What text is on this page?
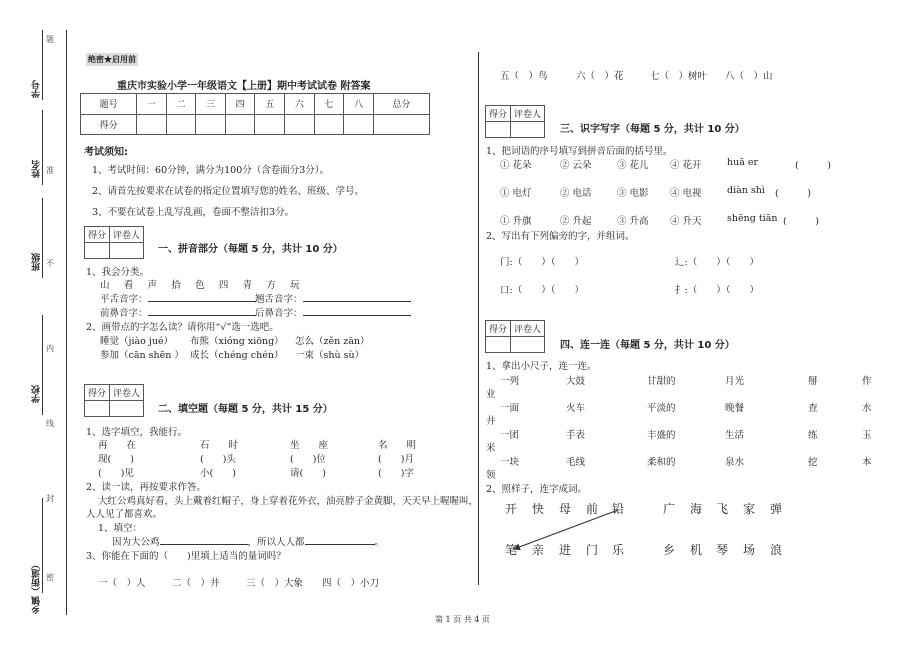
学号
姓名
班级
学校
乡镇（街道）
题
准
不
内
线
封
密
绝密★启用前
重庆市实验小学一年级语文【上册】期中考试试卷 附答案
题号	一	二	三	四	五	六	七	八	总分
得分									
考试须知:
1、考试时间：60分钟，满分为100分（含卷面分3分）。
2、请首先按要求在试卷的指定位置填写您的姓名、班级、学号。
3、不要在试卷上乱写乱画，卷面不整洁扣3分。
得分	评卷人

一、拼音部分（每题 5 分，共计 10 分）
1、我会分类。
山   看   声   拾   色   四   青   方   玩
平舌音字：	翘舌音字：
前鼻音字：	后鼻音字：
2、画带点的字怎么读？请你用“√”选一选吧。
睡觉（jiào jué） 布熊（xióng xiōng） 怎么（zěn zān）
参加（cān shēn ） 成长（chéng chén） 一束（shù sù）
得分	评卷人

二、填空题（每题 5 分，共计 15 分）
1、选字填空，我能行。
再　　在	石　　时	坐　　座	名　　明
现(　　)	(　　)头	(　　)位	(　　)月
(　　)见	小(　　)	请(　　)	(　　)字
2、读一读，再按要求作答。
大红公鸡真好看，头上戴着红帽子，身上穿着花外衣，油亮脖子金黄脚，天天早上喔喔叫，
人人见了都喜欢。
1、填空：
因为大公鸡	，所以人人都	。
3、你能在下面的（　　)里填上适当的量词吗？
一（　）人	二（　）井	三（　）大象 四（　）小刀
五（　）鸟	六（　）花	七（　）树叶 八（　）山
得分	评卷人

三、识字写字（每题 5 分，共计 10 分）
1、把词语的序号填写到拼音后面的括号里。
① 花朵	② 云朵	③ 花儿 ④ 花开	huā er	(　　　)
① 电灯	② 电话	③ 电影 ④ 电视	diàn shì (　　　)
① 升旗	② 升起	③ 升高 ④ 升天	shēng tiān (　　　)
2、写出有下列偏旁的字，并组词。
门:（　　）（　　）	辶:（　　）（　　）
口:（　　）（　　）	扌:（　　）（　　）
得分	评卷人

四、连一连（每题 5 分，共计 10 分）
1、拿出小尺子，连一连。
一列	大鼓	甘甜的	月光	掰	作
业
一面	火车	平淡的	晚餐	查	水
井
一团	手表	丰盛的	生活	练	玉
米
一块	毛线	柔和的	泉水	挖	本
领
2、照样子，连字成词。
开 快 母 前 铅	广 海 飞 家 弹
笔 亲 进 门 乐	乡 机 琴 场 浪
第 1 页 共 4 页
